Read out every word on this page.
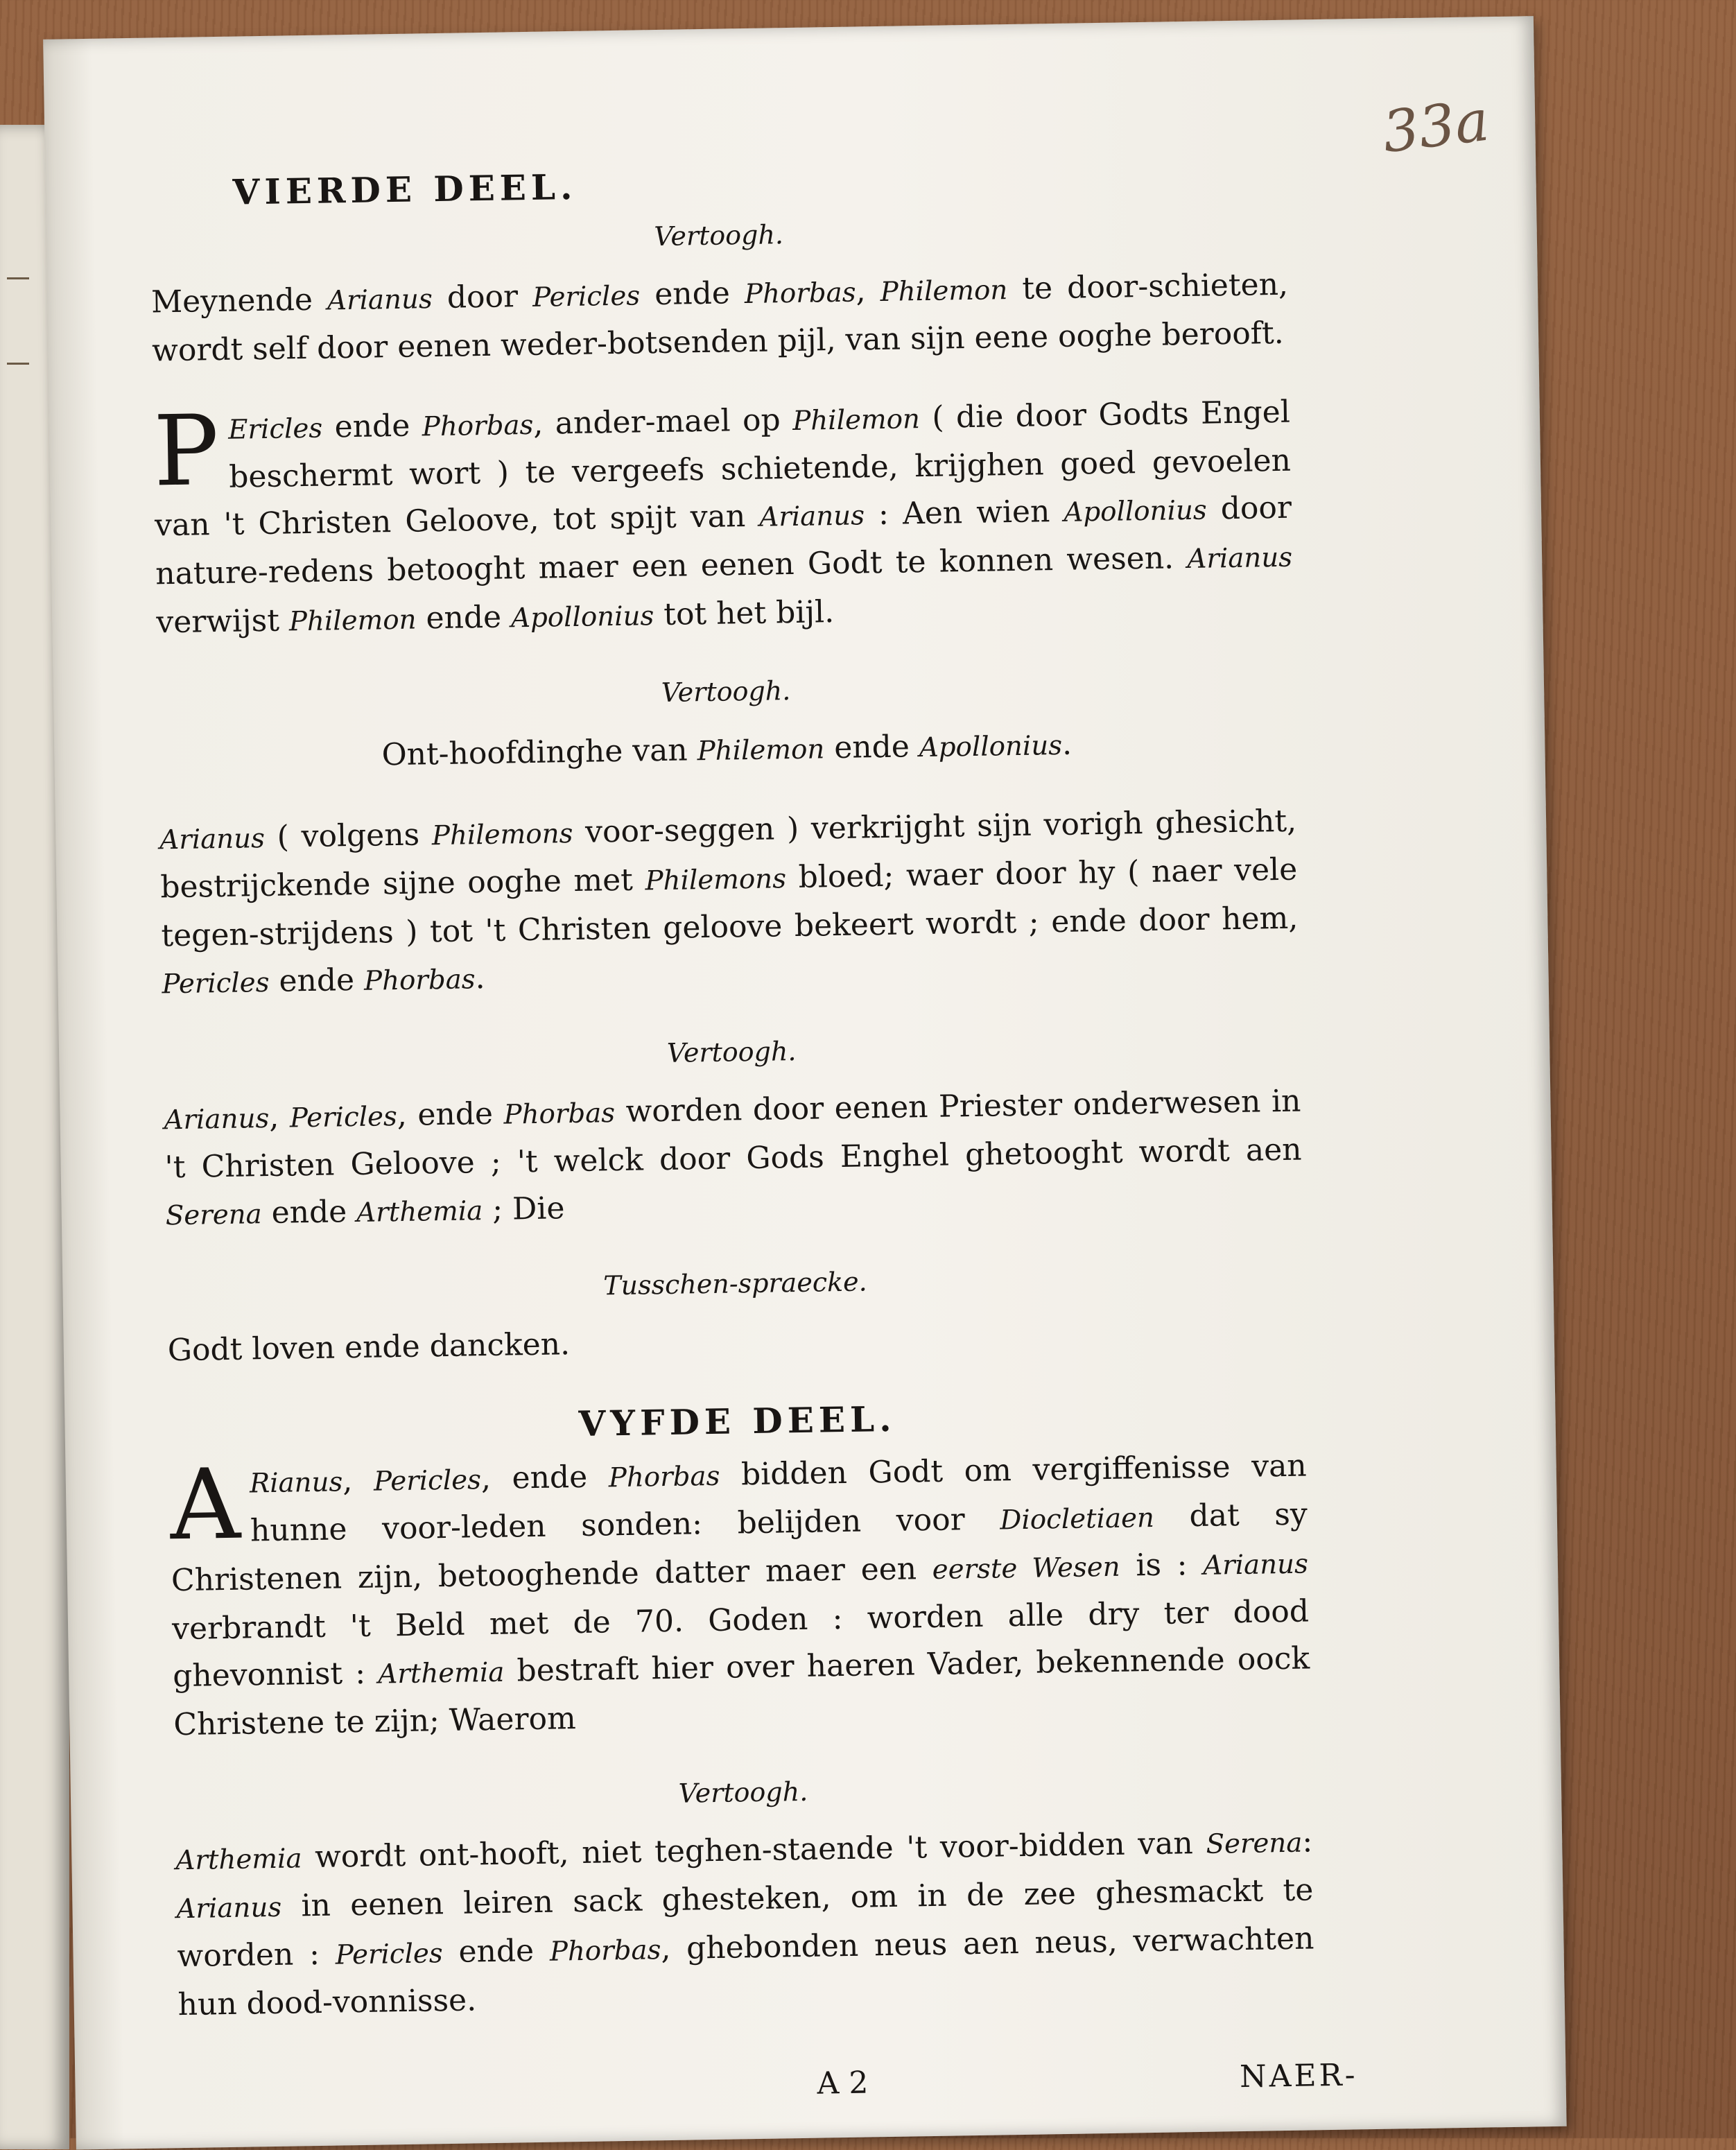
33a
VIERDE DEEL.
Vertoogh.

Meynende Arianus door Pericles ende Phorbas, Philemon te door-schieten, wordt self door eenen weder-botsenden pijl, van sijn eene ooghe berooft.

P Ericles ende Phorbas, ander-mael op Philemon ( die door Godts Engel beschermt wort ) te vergeefs schietende, krijghen goed gevoelen van 't Christen Geloove, tot spijt van Arianus : Aen wien Apollonius door nature-redens betooght maer een eenen Godt te konnen wesen. Arianus verwijst Philemon ende Apollonius tot het bijl.

Vertoogh.

Ont-hoofdinghe van Philemon ende Apollonius.

Arianus ( volgens Philemons voor-seggen ) verkrijght sijn vorigh ghesicht, bestrijckende sijne ooghe met Philemons bloed; waer door hy ( naer vele tegen-strijdens ) tot 't Christen geloove bekeert wordt ; ende door hem, Pericles ende Phorbas.

Vertoogh.

Arianus, Pericles, ende Phorbas worden door eenen Priester onderwesen in 't Christen Geloove ; 't welck door Gods Enghel ghetooght wordt aen Serena ende Arthemia ; Die

Tusschen-spraecke.

Godt loven ende dancken.

VYFDE DEEL.

A Rianus, Pericles, ende Phorbas bidden Godt om vergiffenisse van hunne voor-leden sonden: belijden voor Diocletiaen dat sy Christenen zijn, betooghende datter maer een eerste Wesen is : Arianus verbrandt 't Beld met de 70. Goden : worden alle dry ter dood ghevonnist : Arthemia bestraft hier over haeren Vader, bekennende oock Christene te zijn; Waerom

Vertoogh.

Arthemia wordt ont-hooft, niet teghen-staende 't voor-bidden van Serena: Arianus in eenen leiren sack ghesteken, om in de zee ghesmackt te worden : Pericles ende Phorbas, ghebonden neus aen neus, verwachten hun dood-vonnisse.

A 2	NAER-
